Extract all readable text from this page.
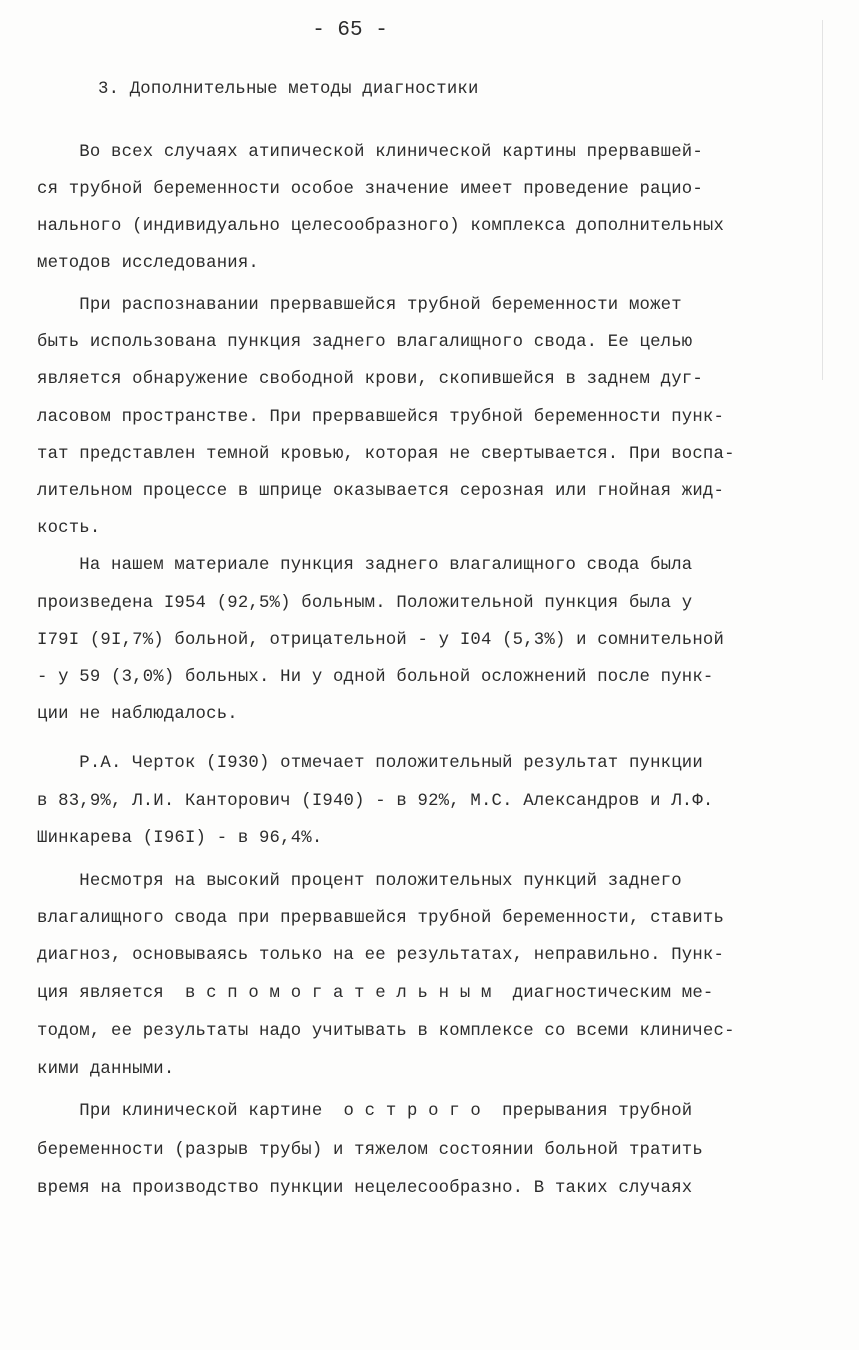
- 65 -

3. Дополнительные методы диагностики

Во всех случаях атипической клинической картины прервавшей-

ся трубной беременности особое значение имеет проведение рацио-

нального (индивидуально целесообразного) комплекса дополнительных

методов исследования.

При распознавании прервавшейся трубной беременности может

быть использована пункция заднего влагалищного свода. Ее целью

является обнаружение свободной крови, скопившейся в заднем дуг-

ласовом пространстве. При прервавшейся трубной беременности пунк-

тат представлен темной кровью, которая не свертывается. При воспа-

лительном процессе в шприце оказывается серозная или гнойная жид-

кость.

На нашем материале пункция заднего влагалищного свода была

произведена I954 (92,5%) больным. Положительной пункция была у

I79I (9I,7%) больной, отрицательной - у I04 (5,3%) и сомнительной

- у 59 (3,0%) больных. Ни у одной больной осложнений после пунк-

ции не наблюдалось.

Р.А. Черток (I930) отмечает положительный результат пункции

в 83,9%, Л.И. Канторович (I940) - в 92%, М.С. Александров и Л.Ф.

Шинкарева (I96I) - в 96,4%.

Несмотря на высокий процент положительных пункций заднего

влагалищного свода при прервавшейся трубной беременности, ставить

диагноз, основываясь только на ее результатах, неправильно. Пунк-

ция является  в с п о м о г а т е л ь н ы м  диагностическим ме-

тодом, ее результаты надо учитывать в комплексе со всеми клиничес-

кими данными.

При клинической картине  о с т р о г о  прерывания трубной

беременности (разрыв трубы) и тяжелом состоянии больной тратить

время на производство пункции нецелесообразно. В таких случаях
